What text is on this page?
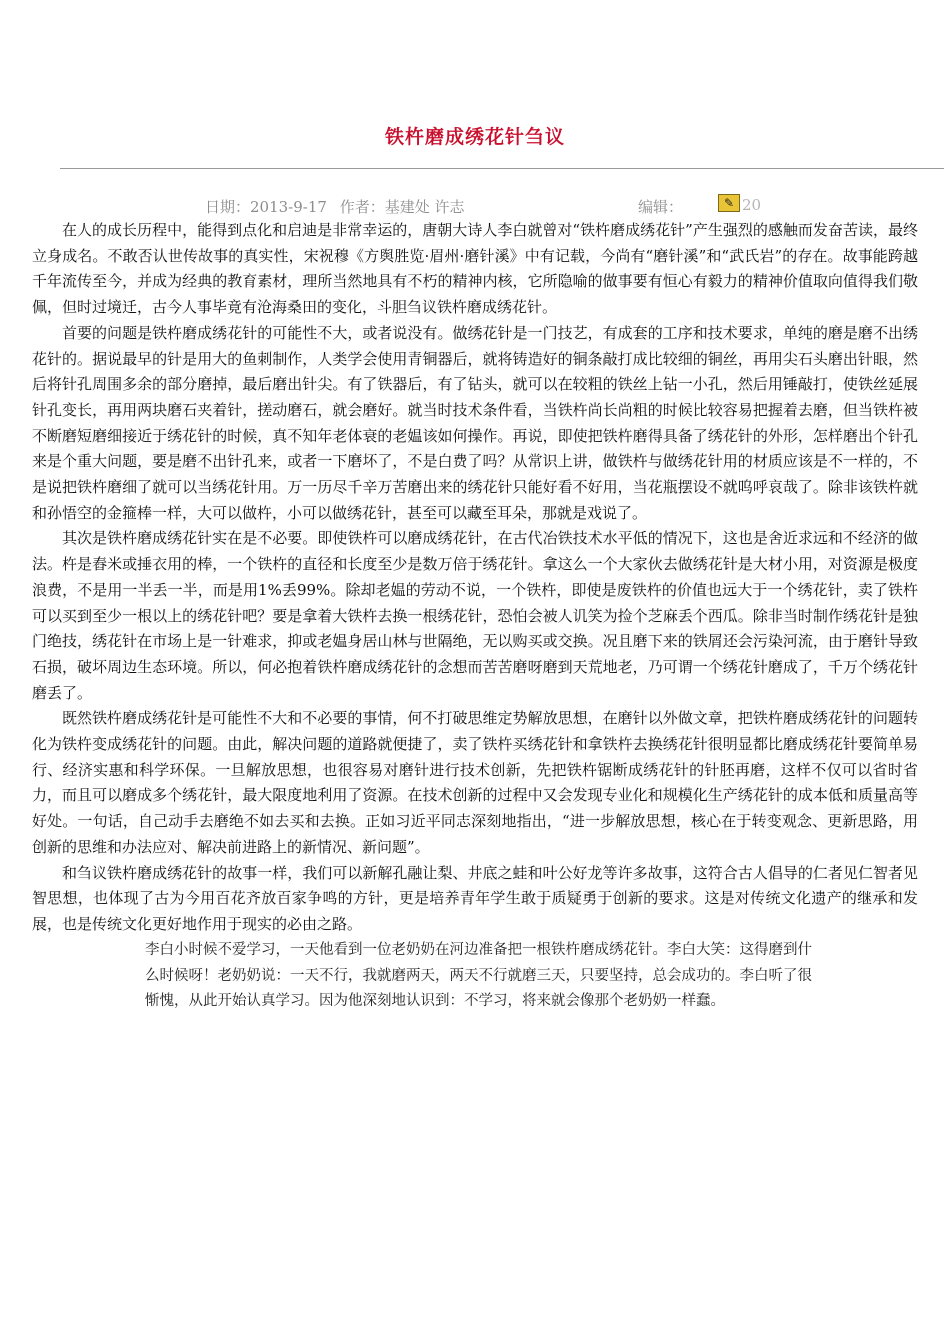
铁杵磨成绣花针刍议
日期：2013-9-17 作者：基建处 许志	编辑：	✎ 20

在人的成长历程中，能得到点化和启迪是非常幸运的，唐朝大诗人李白就曾对“铁杵磨成绣花针”产生强烈的感触而发奋苦读，最终立身成名。不敢否认世传故事的真实性，宋祝穆《方舆胜览·眉州·磨针溪》中有记载，今尚有“磨针溪”和“武氏岩”的存在。故事能跨越千年流传至今，并成为经典的教育素材，理所当然地具有不朽的精神内核，它所隐喻的做事要有恒心有毅力的精神价值取向值得我们敬佩，但时过境迁，古今人事毕竟有沧海桑田的变化，斗胆刍议铁杵磨成绣花针。

首要的问题是铁杵磨成绣花针的可能性不大，或者说没有。做绣花针是一门技艺，有成套的工序和技术要求，单纯的磨是磨不出绣花针的。据说最早的针是用大的鱼刺制作，人类学会使用青铜器后，就将铸造好的铜条敲打成比较细的铜丝，再用尖石头磨出针眼，然后将针孔周围多余的部分磨掉，最后磨出针尖。有了铁器后，有了钻头，就可以在较粗的铁丝上钻一小孔，然后用锤敲打，使铁丝延展针孔变长，再用两块磨石夹着针，搓动磨石，就会磨好。就当时技术条件看，当铁杵尚长尚粗的时候比较容易把握着去磨，但当铁杵被不断磨短磨细接近于绣花针的时候，真不知年老体衰的老媪该如何操作。再说，即使把铁杵磨得具备了绣花针的外形，怎样磨出个针孔来是个重大问题，要是磨不出针孔来，或者一下磨坏了，不是白费了吗？从常识上讲，做铁杵与做绣花针用的材质应该是不一样的，不是说把铁杵磨细了就可以当绣花针用。万一历尽千辛万苦磨出来的绣花针只能好看不好用，当花瓶摆设不就呜呼哀哉了。除非该铁杵就和孙悟空的金箍棒一样，大可以做杵，小可以做绣花针，甚至可以藏至耳朵，那就是戏说了。

其次是铁杵磨成绣花针实在是不必要。即使铁杵可以磨成绣花针，在古代冶铁技术水平低的情况下，这也是舍近求远和不经济的做法。杵是舂米或捶衣用的棒，一个铁杵的直径和长度至少是数万倍于绣花针。拿这么一个大家伙去做绣花针是大材小用，对资源是极度浪费，不是用一半丢一半，而是用1%丢99%。除却老媪的劳动不说，一个铁杵，即使是废铁杵的价值也远大于一个绣花针，卖了铁杵可以买到至少一根以上的绣花针吧？要是拿着大铁杵去换一根绣花针，恐怕会被人讥笑为捡个芝麻丢个西瓜。除非当时制作绣花针是独门绝技，绣花针在市场上是一针难求，抑或老媪身居山林与世隔绝，无以购买或交换。况且磨下来的铁屑还会污染河流，由于磨针导致石损，破坏周边生态环境。所以，何必抱着铁杵磨成绣花针的念想而苦苦磨呀磨到天荒地老，乃可谓一个绣花针磨成了，千万个绣花针磨丢了。

既然铁杵磨成绣花针是可能性不大和不必要的事情，何不打破思维定势解放思想，在磨针以外做文章，把铁杵磨成绣花针的问题转化为铁杵变成绣花针的问题。由此，解决问题的道路就便捷了，卖了铁杵买绣花针和拿铁杵去换绣花针很明显都比磨成绣花针要简单易行、经济实惠和科学环保。一旦解放思想，也很容易对磨针进行技术创新，先把铁杵锯断成绣花针的针胚再磨，这样不仅可以省时省力，而且可以磨成多个绣花针，最大限度地利用了资源。在技术创新的过程中又会发现专业化和规模化生产绣花针的成本低和质量高等好处。一句话，自己动手去磨绝不如去买和去换。正如习近平同志深刻地指出，“进一步解放思想，核心在于转变观念、更新思路，用创新的思维和办法应对、解决前进路上的新情况、新问题”。

和刍议铁杵磨成绣花针的故事一样，我们可以新解孔融让梨、井底之蛙和叶公好龙等许多故事，这符合古人倡导的仁者见仁智者见智思想，也体现了古为今用百花齐放百家争鸣的方针，更是培养青年学生敢于质疑勇于创新的要求。这是对传统文化遗产的继承和发展，也是传统文化更好地作用于现实的必由之路。

李白小时候不爱学习，一天他看到一位老奶奶在河边准备把一根铁杵磨成绣花针。李白大笑：这得磨到什么时候呀！老奶奶说：一天不行，我就磨两天，两天不行就磨三天，只要坚持，总会成功的。李白听了很惭愧，从此开始认真学习。因为他深刻地认识到：不学习，将来就会像那个老奶奶一样蠢。
